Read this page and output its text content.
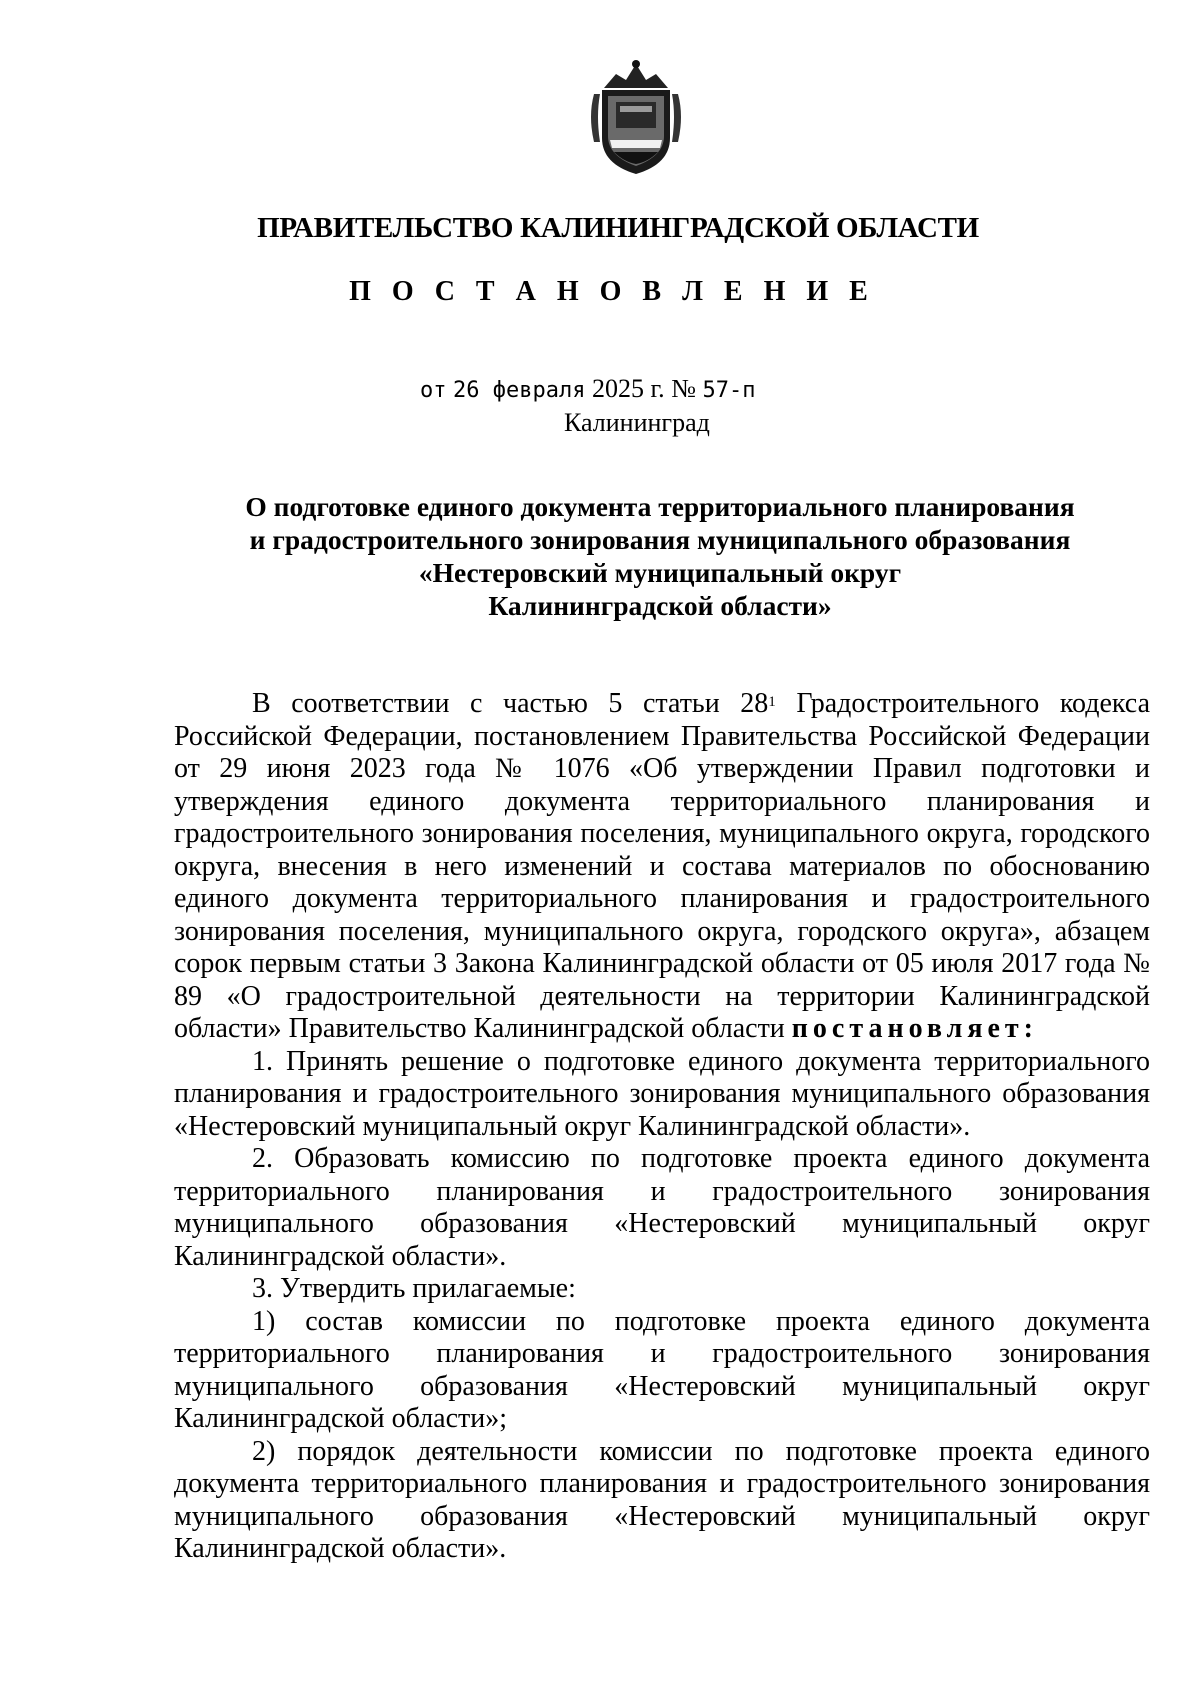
ПРАВИТЕЛЬСТВО КАЛИНИНГРАДСКОЙ ОБЛАСТИ
П О С Т А Н О В Л Е Н И Е
от 26 февраля 2025 г. № 57-п
Калининград
О подготовке единого документа территориального планирования
и градостроительного зонирования муниципального образования
«Нестеровский муниципальный округ
Калининградской области»

В соответствии с частью 5 статьи $28^1$ Градостроительного кодекса Российской Федерации, постановлением Правительства Российской Федерации от 29 июня 2023 года № 1076 «Об утверждении Правил подготовки и утверждения единого документа территориального планирования и градостроительного зонирования поселения, муниципального округа, городского округа, внесения в него изменений и состава материалов по обоснованию единого документа территориального планирования и градостроительного зонирования поселения, муниципального округа, городского округа», абзацем сорок первым статьи 3 Закона Калининградской области от 05 июля 2017 года № 89 «О градостроительной деятельности на территории Калининградской области» Правительство Калининградской области постановляет:

1. Принять решение о подготовке единого документа территориального планирования и градостроительного зонирования муниципального образования «Нестеровский муниципальный округ Калининградской области».

2. Образовать комиссию по подготовке проекта единого документа территориального планирования и градостроительного зонирования муниципального образования «Нестеровский муниципальный округ Калининградской области».

3. Утвердить прилагаемые:

1) состав комиссии по подготовке проекта единого документа территориального планирования и градостроительного зонирования муниципального образования «Нестеровский муниципальный округ Калининградской области»;

2) порядок деятельности комиссии по подготовке проекта единого документа территориального планирования и градостроительного зонирования муниципального образования «Нестеровский муниципальный округ Калининградской области».
